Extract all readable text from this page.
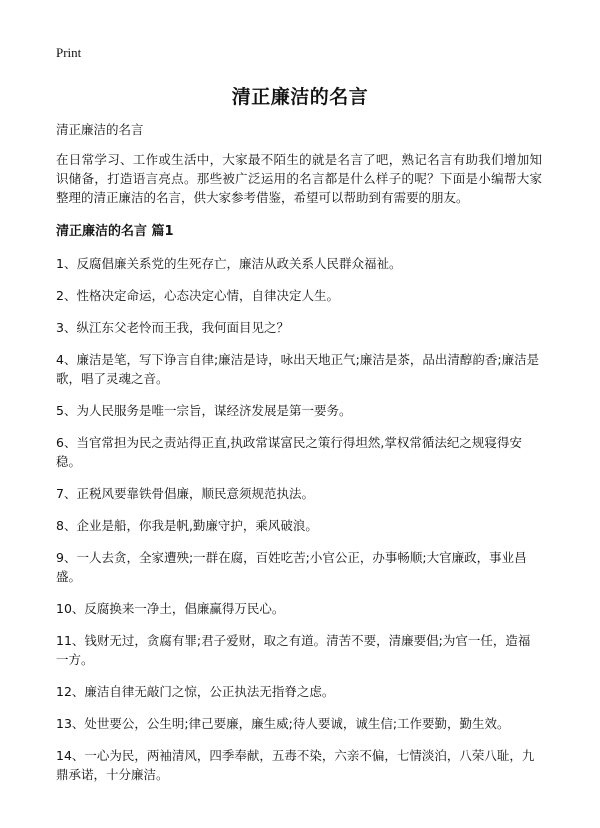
Print
清正廉洁的名言

清正廉洁的名言

在日常学习、工作或生活中，大家最不陌生的就是名言了吧，熟记名言有助我们增加知识储备，打造语言亮点。那些被广泛运用的名言都是什么样子的呢？下面是小编帮大家整理的清正廉洁的名言，供大家参考借鉴，希望可以帮助到有需要的朋友。

清正廉洁的名言 篇1
1、反腐倡廉关系党的生死存亡，廉洁从政关系人民群众福祉。
2、性格决定命运，心态决定心情，自律决定人生。
3、纵江东父老怜而王我，我何面目见之？
4、廉洁是笔，写下诤言自律;廉洁是诗，咏出天地正气;廉洁是茶，品出清醇韵香;廉洁是歌，唱了灵魂之音。
5、为人民服务是唯一宗旨，谋经济发展是第一要务。
6、当官常担为民之责站得正直,执政常谋富民之策行得坦然,掌权常循法纪之规寝得安稳。
7、正税风要靠铁骨倡廉，顺民意须规范执法。
8、企业是船，你我是帆,勤廉守护，乘风破浪。
9、一人去贪，全家遭殃;一群在腐，百姓吃苦;小官公正，办事畅顺;大官廉政，事业昌盛。
10、反腐换来一净土，倡廉赢得万民心。
11、钱财无过，贪腐有罪;君子爱财，取之有道。清苦不要，清廉要倡;为官一任，造福一方。
12、廉洁自律无敲门之惊，公正执法无指脊之虑。
13、处世要公，公生明;律己要廉，廉生威;待人要诚，诚生信;工作要勤，勤生效。
14、一心为民，两袖清风，四季奉献，五毒不染，六亲不偏，七情淡泊，八荣八耻，九鼎承诺，十分廉洁。
